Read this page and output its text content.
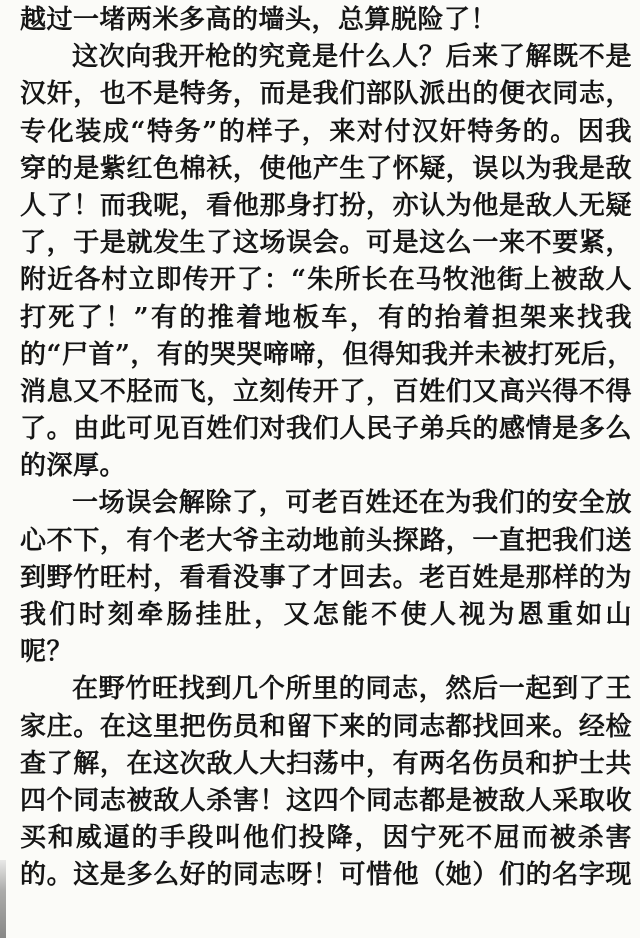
越过一堵两米多高的墙头，总算脱险了！
这次向我开枪的究竟是什么人？后来了解既不是
汉奸，也不是特务，而是我们部队派出的便衣同志，
专化装成“特务”的样子，来对付汉奸特务的。因我
穿的是紫红色棉袄，使他产生了怀疑，误以为我是敌
人了！而我呢，看他那身打扮，亦认为他是敌人无疑
了，于是就发生了这场误会。可是这么一来不要紧，
附近各村立即传开了：“朱所长在马牧池街上被敌人
打死了！”有的推着地板车，有的抬着担架来找我
的“尸首”，有的哭哭啼啼，但得知我并未被打死后，
消息又不胫而飞，立刻传开了，百姓们又高兴得不得
了。由此可见百姓们对我们人民子弟兵的感情是多么
的深厚。
一场误会解除了，可老百姓还在为我们的安全放
心不下，有个老大爷主动地前头探路，一直把我们送
到野竹旺村，看看没事了才回去。老百姓是那样的为
我们时刻牵肠挂肚，又怎能不使人视为恩重如山
呢？
在野竹旺找到几个所里的同志，然后一起到了王
家庄。在这里把伤员和留下来的同志都找回来。经检
查了解，在这次敌人大扫荡中，有两名伤员和护士共
四个同志被敌人杀害！这四个同志都是被敌人采取收
买和威逼的手段叫他们投降，因宁死不屈而被杀害
的。这是多么好的同志呀！可惜他（她）们的名字现
